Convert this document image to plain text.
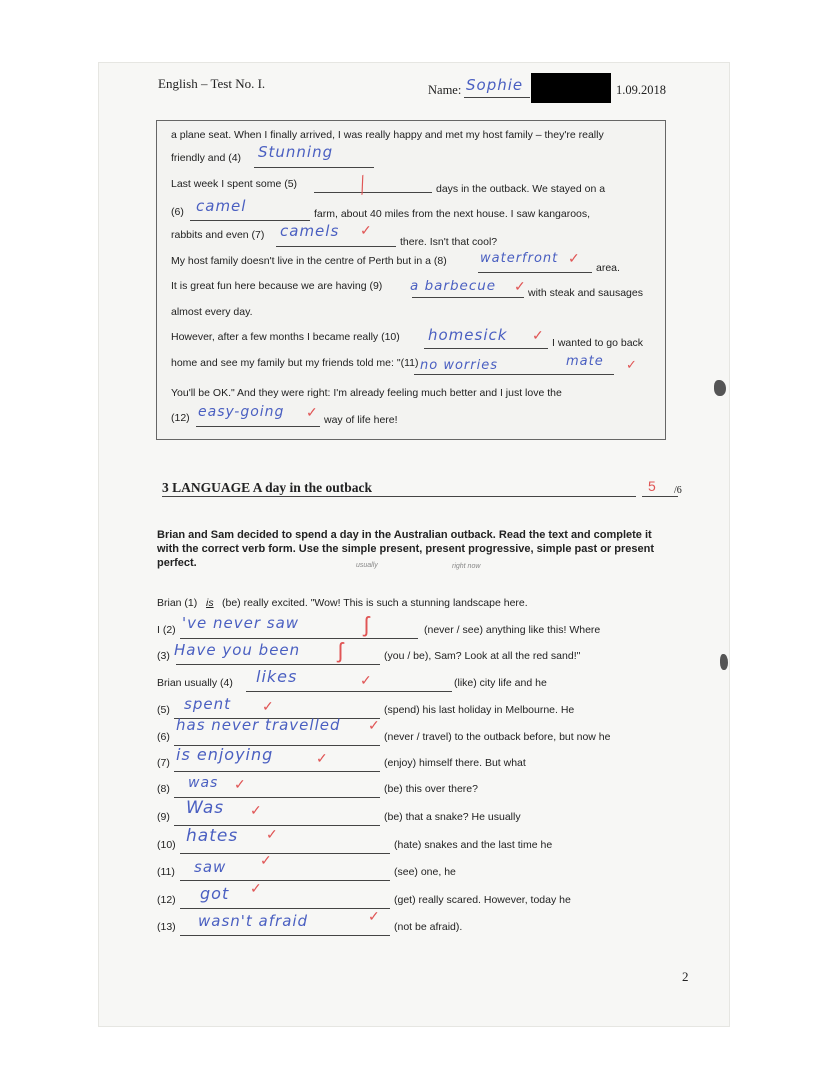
English – Test No. I.	Name: Sophie	1.09.2018
a plane seat. When I finally arrived, I was really happy and met my host family – they're really
friendly and (4) Stunning
Last week I spent some (5)	╱	days in the outback. We stayed on a
(6) camel	farm, about 40 miles from the next house. I saw kangaroos,
rabbits and even (7) camels ✓
there. Isn't that cool?
My host family doesn't live in the centre of Perth but in a (8)	waterfront ✓
area.
It is great fun here because we are having (9) a barbecue ✓ with steak and sausages
almost every day.
However, after a few months I became really (10) homesick ✓ I wanted to go back
home and see my family but my friends told me: "(11) no worries	mate ✓
You'll be OK." And they were right: I'm already feeling much better and I just love the
(12) easy-going ✓ way of life here!
3 LANGUAGE A day in the outback	5 /6
Brian and Sam decided to spend a day in the Australian outback. Read the text and complete it
with the correct verb form. Use the simple present, present progressive, simple past or present
perfect.	usually	right now
Brian (1) is (be) really excited. "Wow! This is such a stunning landscape here.
I (2) 've never saw	ʃ	(never / see) anything like this! Where
(3) Have you been ʃ	(you / be), Sam? Look at all the red sand!"
Brian usually (4) likes	✓	(like) city life and he
(5) spent ✓	(spend) his last holiday in Melbourne. He
(6)
has never travelled ✓
(never / travel) to the outback before, but now he
(7) is enjoying	✓	(enjoy) himself there. But what
(8) was ✓	(be) this over there?
(9) Was ✓	(be) that a snake? He usually
(10) hates ✓
(hate) snakes and the last time he
(11) saw ✓
(see) one, he
(12) got ✓
(get) really scared. However, today he
(13) wasn't afraid	✓
(not be afraid).
2
